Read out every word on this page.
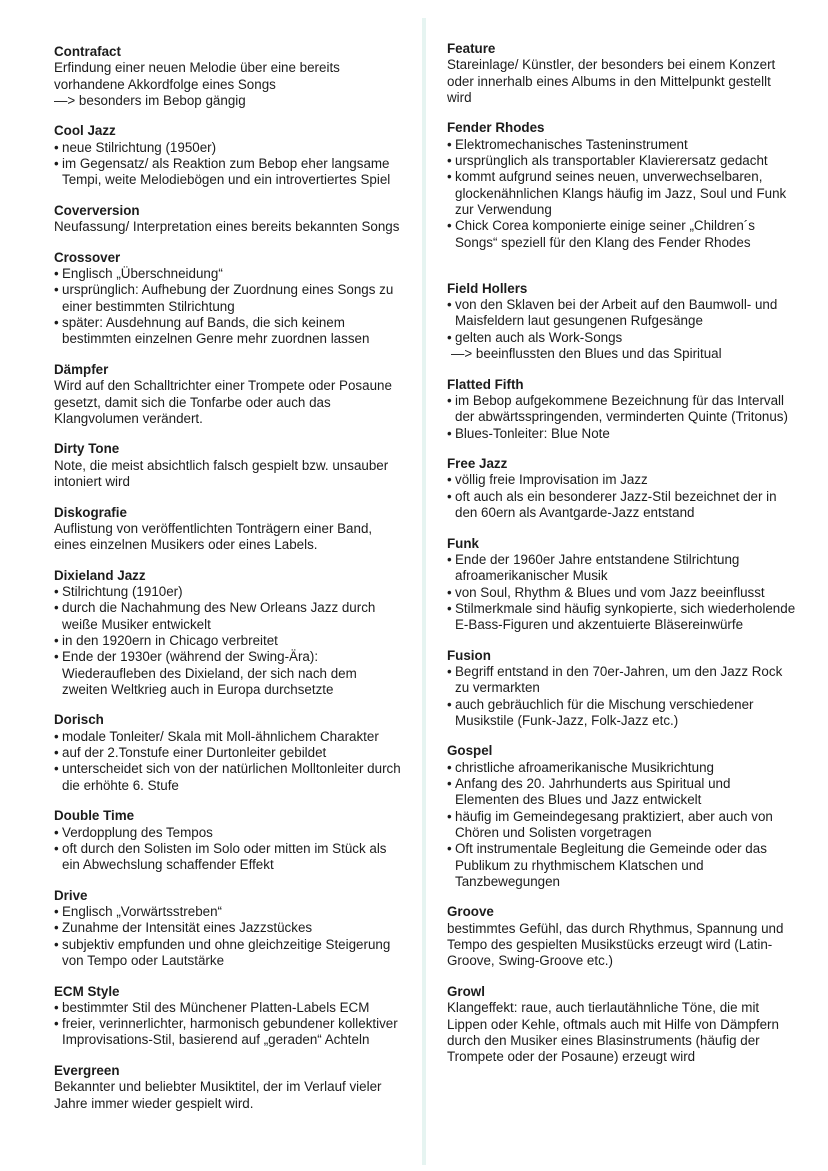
Contrafact
Erfindung einer neuen Melodie über eine bereits vorhandene Akkordfolge eines Songs
—> besonders im Bebop gängig
Cool Jazz
• neue Stilrichtung (1950er)
• im Gegensatz/ als Reaktion zum Bebop eher langsame Tempi, weite Melodiebögen und ein introvertiertes Spiel
Coverversion
Neufassung/ Interpretation eines bereits bekannten Songs
Crossover
• Englisch „Überschneidung“
• ursprünglich: Aufhebung der Zuordnung eines Songs zu einer bestimmten Stilrichtung
• später: Ausdehnung auf Bands, die sich keinem bestimmten einzelnen Genre mehr zuordnen lassen
Dämpfer
Wird auf den Schalltrichter einer Trompete oder Posaune gesetzt, damit sich die Tonfarbe oder auch das Klangvolumen verändert.
Dirty Tone
Note, die meist absichtlich falsch gespielt bzw. unsauber intoniert wird
Diskografie
Auflistung von veröffentlichten Tonträgern einer Band, eines einzelnen Musikers oder eines Labels.
Dixieland Jazz
• Stilrichtung (1910er)
• durch die Nachahmung des New Orleans Jazz durch weiße Musiker entwickelt
• in den 1920ern in Chicago verbreitet
• Ende der 1930er (während der Swing-Ära): Wiederaufleben des Dixieland, der sich nach dem zweiten Weltkrieg auch in Europa durchsetzte
Dorisch
• modale Tonleiter/ Skala mit Moll-ähnlichem Charakter
• auf der 2.Tonstufe einer Durtonleiter gebildet
• unterscheidet sich von der natürlichen Molltonleiter durch die erhöhte 6. Stufe
Double Time
• Verdopplung des Tempos
• oft durch den Solisten im Solo oder mitten im Stück als ein Abwechslung schaffender Effekt
Drive
• Englisch „Vorwärtsstreben“
• Zunahme der Intensität eines Jazzstückes
• subjektiv empfunden und ohne gleichzeitige Steigerung von Tempo oder Lautstärke
ECM Style
• bestimmter Stil des Münchener Platten-Labels ECM
• freier, verinnerlichter, harmonisch gebundener kollektiver Improvisations-Stil, basierend auf „geraden“ Achteln
Evergreen
Bekannter und beliebter Musiktitel, der im Verlauf vieler Jahre immer wieder gespielt wird.
Feature
Stareinlage/ Künstler, der besonders bei einem Konzert oder innerhalb eines Albums in den Mittelpunkt gestellt wird
Fender Rhodes
• Elektromechanisches Tasteninstrument
• ursprünglich als transportabler Klavierersatz gedacht
• kommt aufgrund seines neuen, unverwechselbaren, glockenähnlichen Klangs häufig im Jazz, Soul und Funk zur Verwendung
• Chick Corea komponierte einige seiner „Children´s Songs“ speziell für den Klang des Fender Rhodes
Field Hollers
• von den Sklaven bei der Arbeit auf den Baumwoll- und Maisfeldern laut gesungenen Rufgesänge
• gelten auch als Work-Songs
—> beeinflussten den Blues und das Spiritual
Flatted Fifth
• im Bebop aufgekommene Bezeichnung für das Intervall der abwärtsspringenden, verminderten Quinte (Tritonus)
• Blues-Tonleiter: Blue Note
Free Jazz
• völlig freie Improvisation im Jazz
• oft auch als ein besonderer Jazz-Stil bezeichnet der in den 60ern als Avantgarde-Jazz entstand
Funk
• Ende der 1960er Jahre entstandene Stilrichtung afroamerikanischer Musik
• von Soul, Rhythm & Blues und vom Jazz beeinflusst
• Stilmerkmale sind häufig synkopierte, sich wiederholende E-Bass-Figuren und akzentuierte Bläsereinwürfe
Fusion
• Begriff entstand in den 70er-Jahren, um den Jazz Rock zu vermarkten
• auch gebräuchlich für die Mischung verschiedener Musikstile (Funk-Jazz, Folk-Jazz etc.)
Gospel
• christliche afroamerikanische Musikrichtung
• Anfang des 20. Jahrhunderts aus Spiritual und Elementen des Blues und Jazz entwickelt
• häufig im Gemeindegesang praktiziert, aber auch von Chören und Solisten vorgetragen
• Oft instrumentale Begleitung die Gemeinde oder das Publikum zu rhythmischem Klatschen und Tanzbewegungen
Groove
bestimmtes Gefühl, das durch Rhythmus, Spannung und Tempo des gespielten Musikstücks erzeugt wird (Latin-Groove, Swing-Groove etc.)
Growl
Klangeffekt: raue, auch tierlautähnliche Töne, die mit Lippen oder Kehle, oftmals auch mit Hilfe von Dämpfern durch den Musiker eines Blasinstruments (häufig der Trompete oder der Posaune) erzeugt wird
